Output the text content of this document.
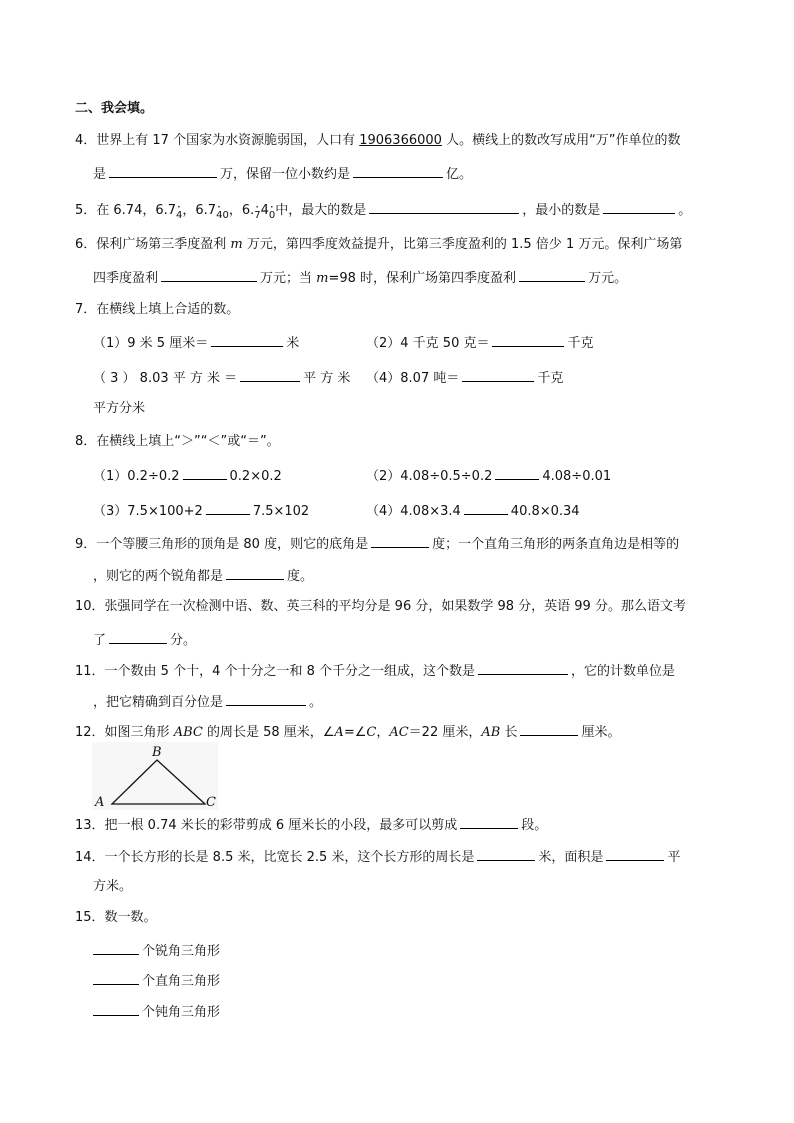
二、我会填。
4．世界上有 17 个国家为水资源脆弱国，人口有 1906366000 人。横线上的数改写成用“万”作单位的数
是	万，保留一位小数约是	亿。
5．在 6.74，6.7· $_4$，6.7· $_{40}$，6.· $_7$4· $_0$中，最大的数是	，最小的数是	。
6．保利广场第三季度盈利 m 万元，第四季度效益提升，比第三季度盈利的 1.5 倍少 1 万元。保利广场第
四季度盈利	万元；当 m=98 时，保利广场第四季度盈利	万元。
7．在横线上填上合适的数。
（1）9 米 5 厘米＝	米	（2）4 千克 50 克＝	千克
（ 3 ） 8.03 平 方 米 ＝	平 方 米 （4）8.07 吨＝	千克
平方分米
8．在横线上填上“＞”“＜”或“＝”。
（1）0.2÷0.2	0.2×0.2	（2）4.08÷0.5÷0.2	4.08÷0.01
（3）7.5×100+2	7.5×102	（4）4.08×3.4	40.8×0.34
9．一个等腰三角形的顶角是 80 度，则它的底角是	度；一个直角三角形的两条直角边是相等的
，则它的两个锐角都是	度。
10．张强同学在一次检测中语、数、英三科的平均分是 96 分，如果数学 98 分，英语 99 分。那么语文考
了	分。
11．一个数由 5 个十，4 个十分之一和 8 个千分之一组成，这个数是	，它的计数单位是
，把它精确到百分位是	。
12．如图三角形 ABC 的周长是 58 厘米，∠A=∠C，AC＝22 厘米，AB 长	厘米。
A
B
C
13．把一根 0.74 米长的彩带剪成 6 厘米长的小段，最多可以剪成	段。
14．一个长方形的长是 8.5 米，比宽长 2.5 米，这个长方形的周长是	米，面积是	平
方米。
15．数一数。
个锐角三角形
个直角三角形
个钝角三角形
